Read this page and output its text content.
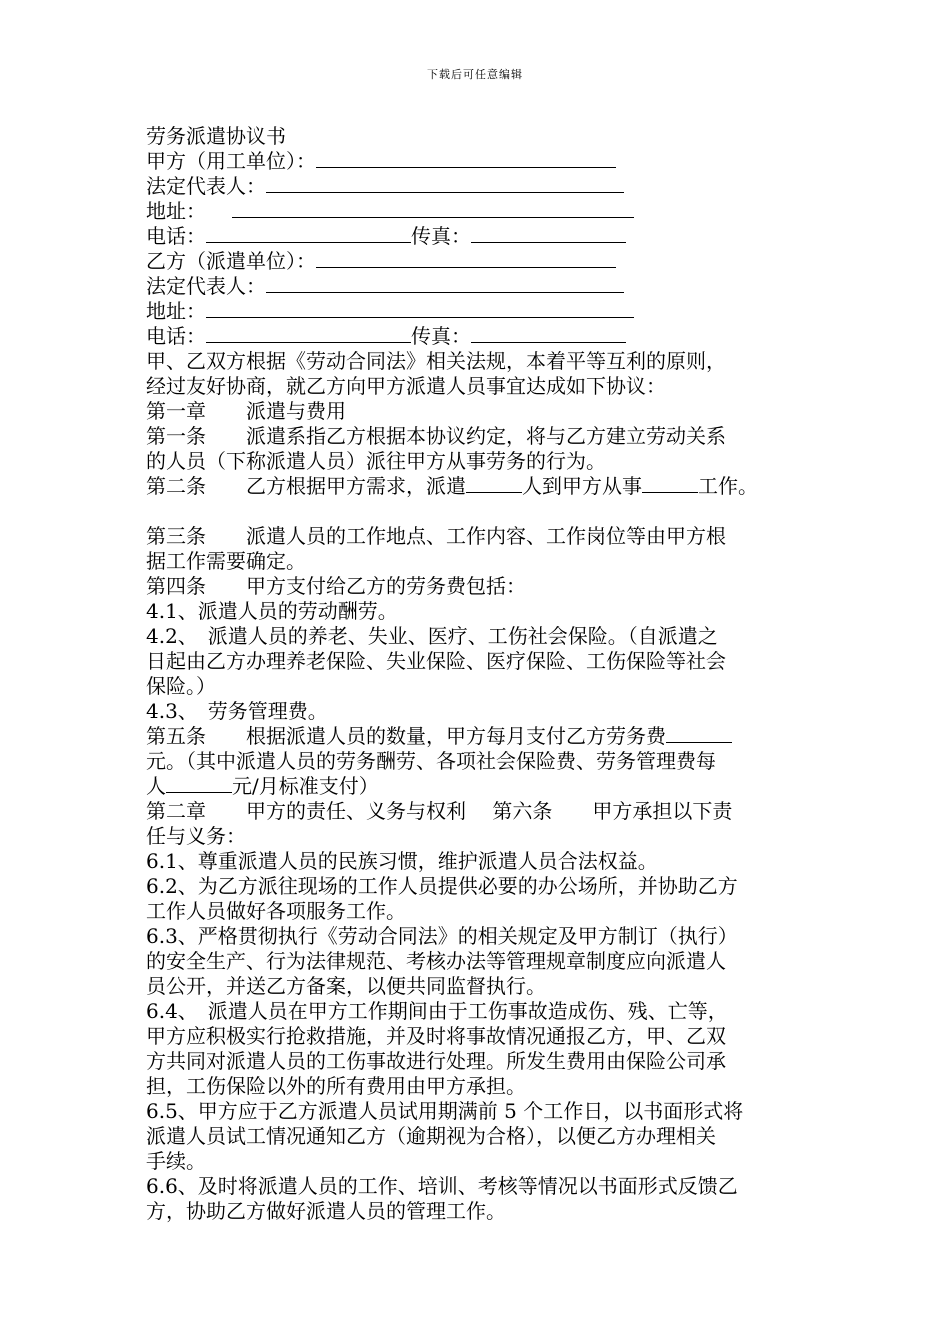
下载后可任意编辑
劳务派遣协议书
甲方（用工单位）：
法定代表人：
地址：
电话：	传真：
乙方（派遣单位）：
法定代表人：
地址：
电话：	传真：
甲、乙双方根据《劳动合同法》相关法规，本着平等互利的原则，
经过友好协商，就乙方向甲方派遣人员事宜达成如下协议：
第一章　　派遣与费用
第一条　　派遣系指乙方根据本协议约定，将与乙方建立劳动关系
的人员（下称派遣人员）派往甲方从事劳务的行为。
第二条　　乙方根据甲方需求，派遣	人到甲方从事	工作。
第三条　　派遣人员的工作地点、工作内容、工作岗位等由甲方根
据工作需要确定。
第四条　　甲方支付给乙方的劳务费包括：
4.1、派遣人员的劳动酬劳。
4.2、　派遣人员的养老、失业、医疗、工伤社会保险。（自派遣之
日起由乙方办理养老保险、失业保险、医疗保险、工伤保险等社会
保险。）
4.3、　劳务管理费。
第五条　　根据派遣人员的数量，甲方每月支付乙方劳务费
元。（其中派遣人员的劳务酬劳、各项社会保险费、劳务管理费每
人	元/月标准支付）
第二章　　甲方的责任、义务与权利　 第六条　　甲方承担以下责
任与义务：
6.1、尊重派遣人员的民族习惯，维护派遣人员合法权益。
6.2、为乙方派往现场的工作人员提供必要的办公场所，并协助乙方
工作人员做好各项服务工作。
6.3、严格贯彻执行《劳动合同法》的相关规定及甲方制订（执行）
的安全生产、行为法律规范、考核办法等管理规章制度应向派遣人
员公开，并送乙方备案，以便共同监督执行。
6.4、　派遣人员在甲方工作期间由于工伤事故造成伤、残、亡等，
甲方应积极实行抢救措施，并及时将事故情况通报乙方，甲、乙双
方共同对派遣人员的工伤事故进行处理。所发生费用由保险公司承
担，工伤保险以外的所有费用由甲方承担。
6.5、甲方应于乙方派遣人员试用期满前 5 个工作日，以书面形式将
派遣人员试工情况通知乙方（逾期视为合格），以便乙方办理相关
手续。
6.6、及时将派遣人员的工作、培训、考核等情况以书面形式反馈乙
方，协助乙方做好派遣人员的管理工作。
